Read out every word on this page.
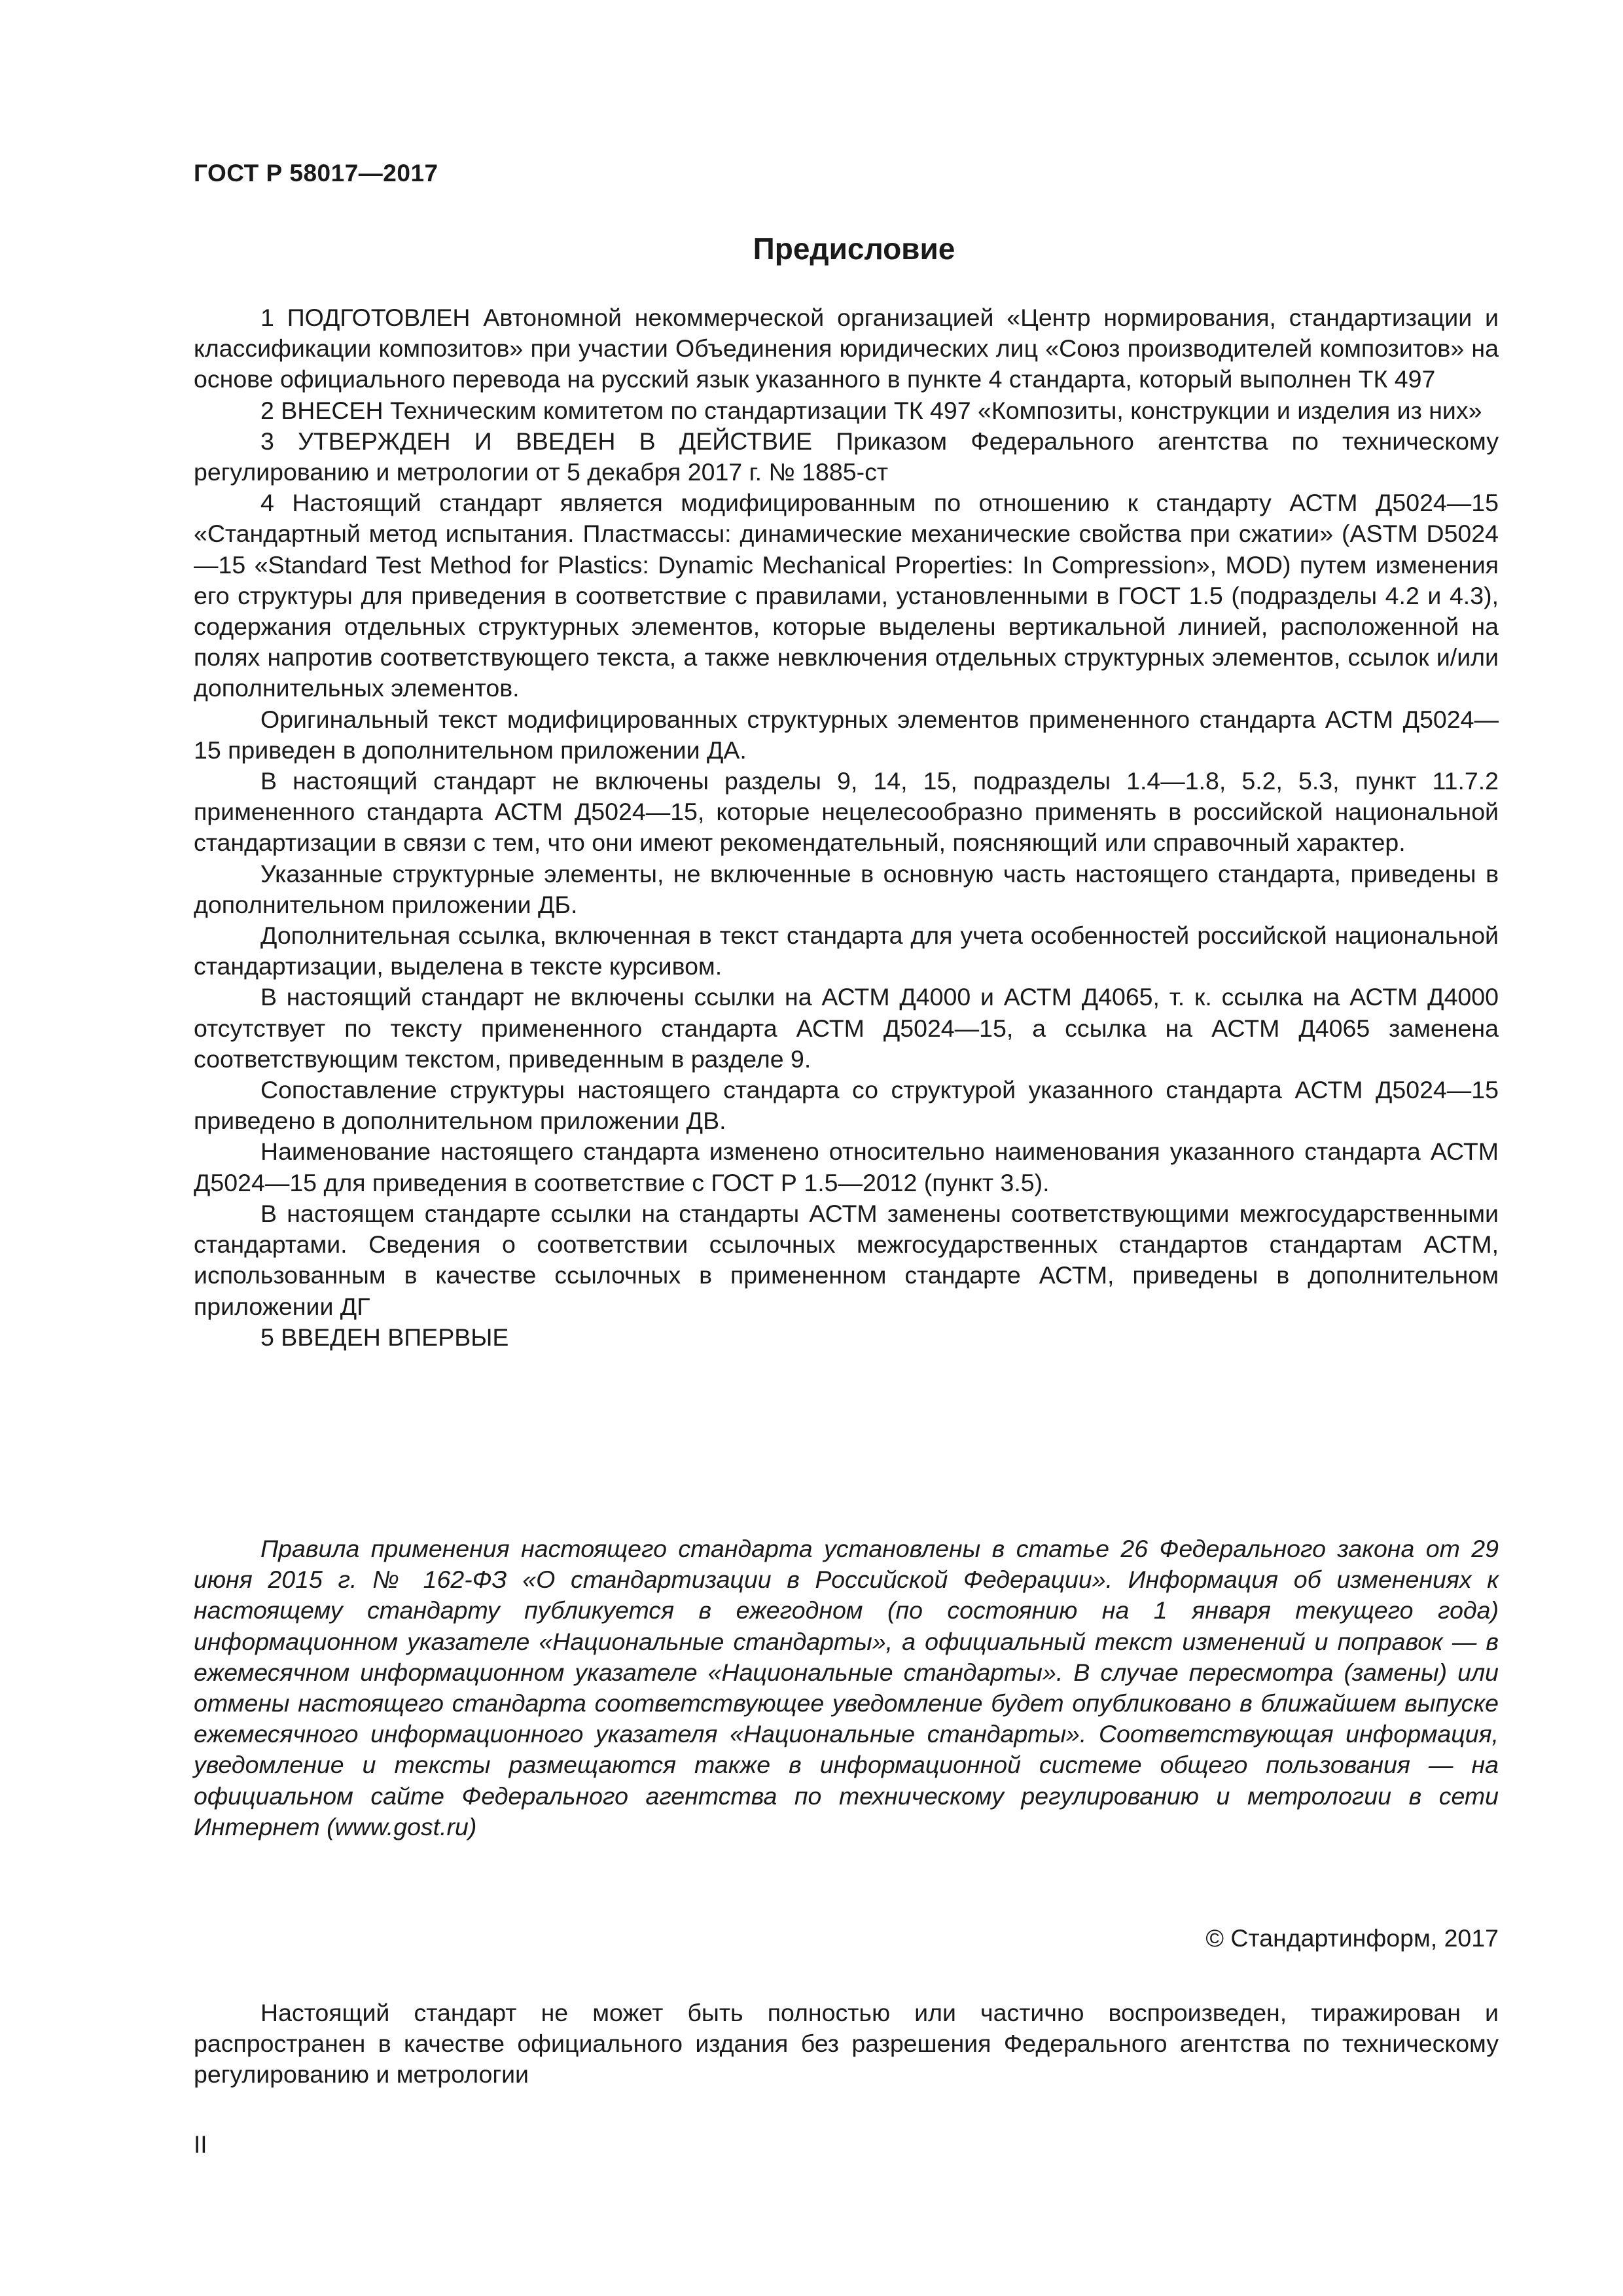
ГОСТ Р 58017—2017
Предисловие

1 ПОДГОТОВЛЕН Автономной некоммерческой организацией «Центр нормирования, стандартизации и классификации композитов» при участии Объединения юридических лиц «Союз производителей композитов» на основе официального перевода на русский язык указанного в пункте 4 стандарта, который выполнен ТК 497

2 ВНЕСЕН Техническим комитетом по стандартизации ТК 497 «Композиты, конструкции и изделия из них»

3 УТВЕРЖДЕН И ВВЕДЕН В ДЕЙСТВИЕ Приказом Федерального агентства по техническому регулированию и метрологии от 5 декабря 2017 г. № 1885-ст

4 Настоящий стандарт является модифицированным по отношению к стандарту АСТМ Д5024—15 «Стандартный метод испытания. Пластмассы: динамические механические свойства при сжатии» (ASTM D5024—15 «Standard Test Method for Plastics: Dynamic Mechanical Properties: In Compression», MOD) путем изменения его структуры для приведения в соответствие с правилами, установленными в ГОСТ 1.5 (подразделы 4.2 и 4.3), содержания отдельных структурных элементов, которые выделены вертикальной линией, расположенной на полях напротив соответствующего текста, а также невключения отдельных структурных элементов, ссылок и/или дополнительных элементов.

Оригинальный текст модифицированных структурных элементов примененного стандарта АСТМ Д5024—15 приведен в дополнительном приложении ДА.

В настоящий стандарт не включены разделы 9, 14, 15, подразделы 1.4—1.8, 5.2, 5.3, пункт 11.7.2 примененного стандарта АСТМ Д5024—15, которые нецелесообразно применять в российской национальной стандартизации в связи с тем, что они имеют рекомендательный, поясняющий или справочный характер.

Указанные структурные элементы, не включенные в основную часть настоящего стандарта, приведены в дополнительном приложении ДБ.

Дополнительная ссылка, включенная в текст стандарта для учета особенностей российской национальной стандартизации, выделена в тексте курсивом.

В настоящий стандарт не включены ссылки на АСТМ Д4000 и АСТМ Д4065, т. к. ссылка на АСТМ Д4000 отсутствует по тексту примененного стандарта АСТМ Д5024—15, а ссылка на АСТМ Д4065 заменена соответствующим текстом, приведенным в разделе 9.

Сопоставление структуры настоящего стандарта со структурой указанного стандарта АСТМ Д5024—15 приведено в дополнительном приложении ДВ.

Наименование настоящего стандарта изменено относительно наименования указанного стандарта АСТМ Д5024—15 для приведения в соответствие с ГОСТ Р 1.5—2012 (пункт 3.5).

В настоящем стандарте ссылки на стандарты АСТМ заменены соответствующими межгосударственными стандартами. Сведения о соответствии ссылочных межгосударственных стандартов стандартам АСТМ, использованным в качестве ссылочных в примененном стандарте АСТМ, приведены в дополнительном приложении ДГ

5 ВВЕДЕН ВПЕРВЫЕ

Правила применения настоящего стандарта установлены в статье 26 Федерального закона от 29 июня 2015 г. № 162-ФЗ «О стандартизации в Российской Федерации». Информация об изменениях к настоящему стандарту публикуется в ежегодном (по состоянию на 1 января текущего года) информационном указателе «Национальные стандарты», а официальный текст изменений и поправок — в ежемесячном информационном указателе «Национальные стандарты». В случае пересмотра (замены) или отмены настоящего стандарта соответствующее уведомление будет опубликовано в ближайшем выпуске ежемесячного информационного указателя «Национальные стандарты». Соответствующая информация, уведомление и тексты размещаются также в информационной системе общего пользования — на официальном сайте Федерального агентства по техническому регулированию и метрологии в сети Интернет (www.gost.ru)

© Стандартинформ, 2017

Настоящий стандарт не может быть полностью или частично воспроизведен, тиражирован и распространен в качестве официального издания без разрешения Федерального агентства по техническому регулированию и метрологии

II
